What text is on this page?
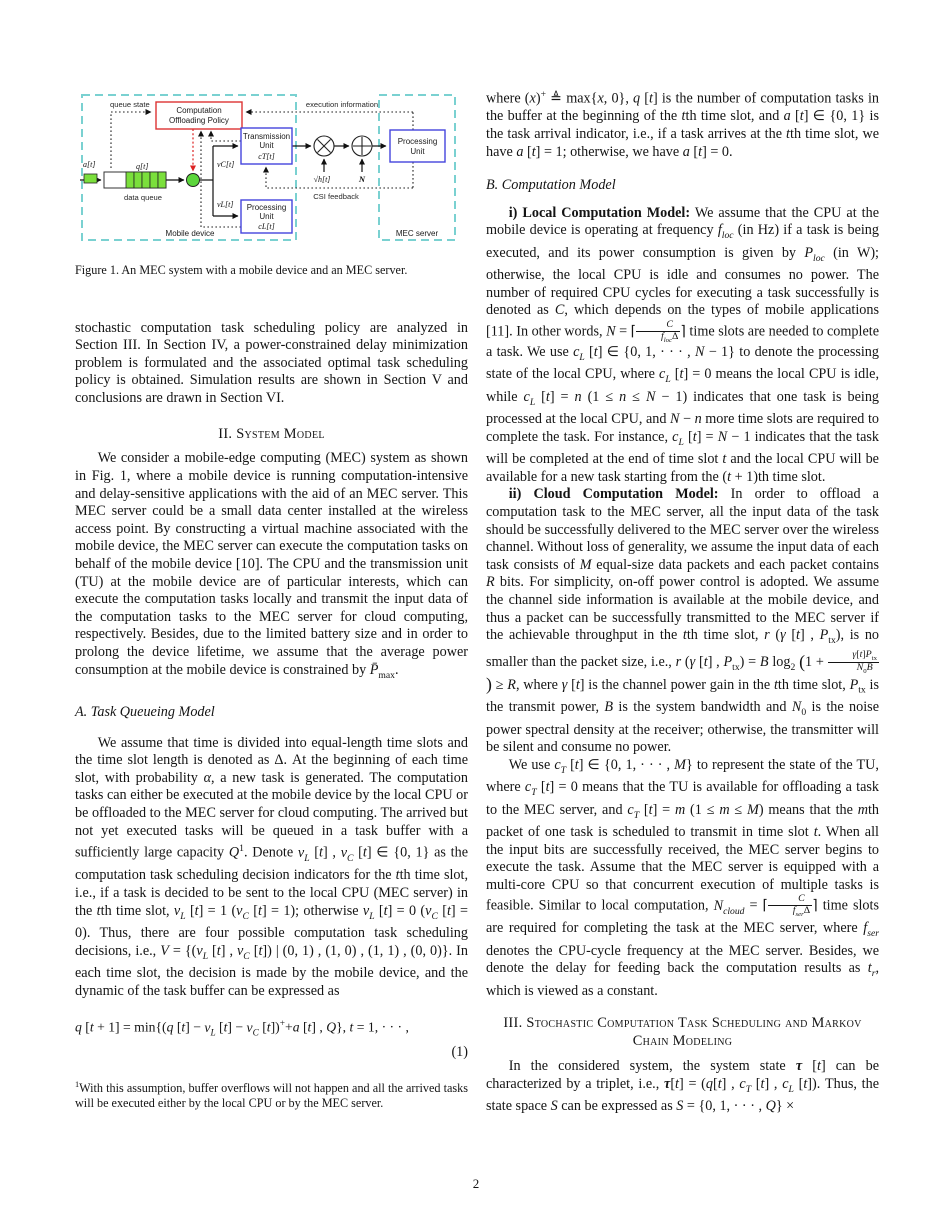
Computation
Offloading Policy
Transmission
Unit
cT[t]
Processing
Unit
cL[t]
Processing
Unit
queue state	execution information
a[t]	q[t]	vC[t]
vL[t]
data queue
√h[t]	N
CSI feedback
Mobile device	MEC server
Figure 1. An MEC system with a mobile device and an MEC server.

stochastic computation task scheduling policy are analyzed in Section III. In Section IV, a power-constrained delay minimization problem is formulated and the associated optimal task scheduling policy is obtained. Simulation results are shown in Section V and conclusions are drawn in Section VI.

II. System Model

We consider a mobile-edge computing (MEC) system as shown in Fig. 1, where a mobile device is running computation-intensive and delay-sensitive applications with the aid of an MEC server. This MEC server could be a small data center installed at the wireless access point. By constructing a virtual machine associated with the mobile device, the MEC server can execute the computation tasks on behalf of the mobile device [10]. The CPU and the transmission unit (TU) at the mobile device are of particular interests, which can execute the computation tasks locally and transmit the input data of the computation tasks to the MEC server for cloud computing, respectively. Besides, due to the limited battery size and in order to prolong the device lifetime, we assume that the average power consumption at the mobile device is constrained by $P̄_{max}$.

A. Task Queueing Model

We assume that time is divided into equal-length time slots and the time slot length is denoted as Δ. At the beginning of each time slot, with probability α, a new task is generated. The computation tasks can either be executed at the mobile device by the local CPU or be offloaded to the MEC server for cloud computing. The arrived but not yet executed tasks will be queued in a task buffer with a sufficiently large capacity $Q^1$. Denote $v_L$ [t] , $v_C$ [t] ∈ {0, 1} as the computation task scheduling decision indicators for the tth time slot, i.e., if a task is decided to be sent to the local CPU (MEC server) in the tth time slot, $v_L$ [t] = 1 ($v_C$ [t] = 1); otherwise $v_L$ [t] = 0 ($v_C$ [t] = 0). Thus, there are four possible computation task scheduling decisions, i.e., $V = \{(v_L$ [t] , $v_C$ [t]) | (0, 1) , (1, 0) , (1, 1) , (0, 0)}. In each time slot, the decision is made by the mobile device, and the dynamic of the task buffer can be expressed as

q [t + 1] = min{(q $[t] - v_L$ $[t] - v_C$ [t])++a [t] , Q}, t = 1, · · · ,
(1)
$^1$With this assumption, buffer overflows will not happen and all the arrived tasks will be executed either by the local CPU or by the MEC server.

where (x)+ ≜ max{x, 0}, q [t] is the number of computation tasks in the buffer at the beginning of the tth time slot, and a [t] ∈ {0, 1} is the task arrival indicator, i.e., if a task arrives at the tth time slot, we have a [t] = 1; otherwise, we have a [t] = 0.

B. Computation Model

i) Local Computation Model: We assume that the CPU at the mobile device is operating at frequency $f_{loc}$ (in Hz) if a task is being executed, and its power consumption is given by $P_{loc}$ (in W); otherwise, the local CPU is idle and consumes no power. The number of required CPU cycles for executing a task successfully is denoted as C, which depends on the types of mobile applications [11]. In other words, N = ⌈ $\frac{C}{f_{loc}\Delta}$ ⌉ time slots are needed to complete a task. We use $c_L$ [t] ∈ {0, 1, · · · , N − 1} to denote the processing state of the local CPU, where $c_L$ [t] = 0 means the local CPU is idle, while $c_L$ [t] = n (1 ≤ n ≤ N − 1) indicates that one task is being processed at the local CPU, and N − n more time slots are required to complete the task. For instance, $c_L$ [t] = N − 1 indicates that the task will be completed at the end of time slot t and the local CPU will be available for a new task starting from the (t + 1)th time slot.

ii) Cloud Computation Model: In order to offload a computation task to the MEC server, all the input data of the task should be successfully delivered to the MEC server over the wireless channel. Without loss of generality, we assume the input data of each task consists of M equal-size data packets and each packet contains R bits. For simplicity, on-off power control is adopted. We assume the channel side information is available at the mobile device, and thus a packet can be successfully transmitted to the MEC server if the achievable throughput in the tth time slot, r (γ [t] , $P_{tx}$), is no smaller than the packet size, i.e., r (γ [t] , $P_{tx}) = B$ $\log_2 (1 + \frac{\gamma[t]P_{tx}}{N_0B}$
) ≥ R, where γ [t] is the channel power gain in the tth time slot, $P_{tx}$ is the transmit power, B is the system bandwidth and $N_0$ is the noise power spectral density at the receiver; otherwise, the transmitter will be silent and consume no power.

We use $c_T$ [t] ∈ {0, 1, · · · , M} to represent the state of the TU, where $c_T$ [t] = 0 means that the TU is available for offloading a task to the MEC server, and $c_T$ [t] = m (1 ≤ m ≤ M) means that the mth packet of one task is scheduled to transmit in time slot t. When all the input bits are successfully received, the MEC server begins to execute the task. Assume that the MEC server is equipped with a multi-core CPU so that concurrent execution of multiple tasks is feasible. Similar to local computation, $N_{cloud}$ = ⌈ $\frac{C}{f_{ser}\Delta}$ ⌉ time slots are required for completing the task at the MEC server, where $f_{ser}$ denotes the CPU-cycle frequency at the MEC server. Besides, we denote the delay for feeding back the computation results as $t_r$, which is viewed as a constant.

III. Stochastic Computation Task Scheduling and Markov Chain Modeling

In the considered system, the system state τ [t] can be characterized by a triplet, i.e., τ[t] = (q[t] , $c_T$ [t] , $c_L$ [t]). Thus, the state space S can be expressed as S = {0, 1, · · · , Q} ×

2
